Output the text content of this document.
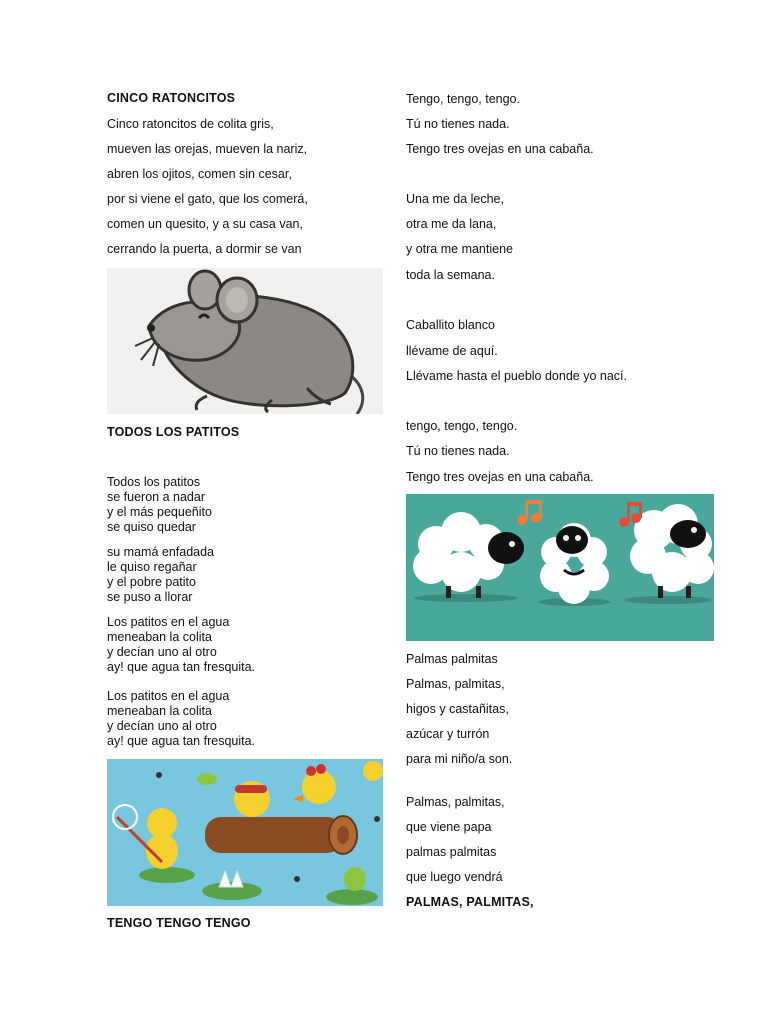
CINCO RATONCITOS
Cinco ratoncitos de colita gris,
mueven las orejas, mueven la nariz,
abren los ojitos, comen sin cesar,
por si viene el gato, que los comerá,
comen un quesito, y a su casa van,
cerrando la puerta, a dormir se van
TODOS LOS PATITOS
Todos los patitos
se fueron a nadar
y el más pequeñito
se quiso quedar
su mamá enfadada
le quiso regañar
y el pobre patito
se puso a llorar
Los patitos en el agua
meneaban la colita
y decían uno al otro
ay! que agua tan fresquita.
Los patitos en el agua
meneaban la colita
y decían uno al otro
ay! que agua tan fresquita.
TENGO TENGO TENGO
Tengo, tengo, tengo.
Tú no tienes nada.
Tengo tres ovejas en una cabaña.
Una me da leche,
otra me da lana,
y otra me mantiene
toda la semana.
Caballito blanco
llévame de aquí.
Llévame hasta el pueblo donde yo nací.
tengo, tengo, tengo.
Tú no tienes nada.
Tengo tres ovejas en una cabaña.
Palmas palmitas
Palmas, palmitas,
higos y castañitas,
azúcar y turrón
para mi niño/a son.
Palmas, palmitas,
que viene papa
palmas palmitas
que luego vendrá
PALMAS, PALMITAS,
